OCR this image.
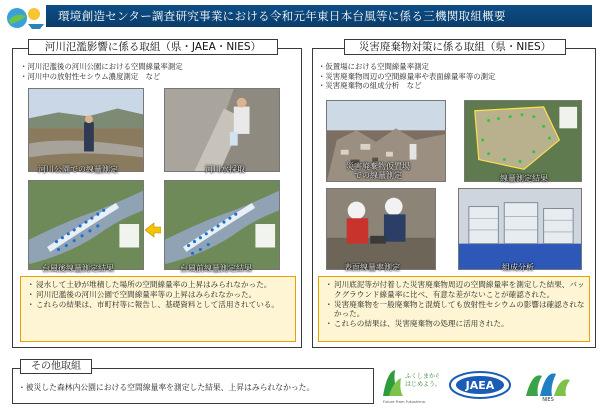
環境創造センター調査研究事業における令和元年東日本台風等に係る三機関取組概要
河川氾濫影響に係る取組（県・JAEA・NIES）
・河川氾濫後の河川公園における空間線量率測定
・河川中の放射性セシウム濃度測定　など
河川公園での線量測定	河川水採取
台風後線量測定結果	台風前線量測定結果
・ 浸水して土砂が堆積した場所の空間線量率の上昇はみられなかった。
・ 河川氾濫後の河川公園で空間線量率等の上昇はみられなかった。
・ これらの結果は、市町村等に報告し、基礎資料として活用されている。
災害廃棄物対策に係る取組（県・NIES）
・仮置場における空間線量率測定
・災害廃棄物周辺の空間線量率や表面線量率等の測定
・災害廃棄物の組成分析　など
災害廃棄物仮置場
での線量測定	線量測定結果
表面線量率測定	組成分析
・ 河川底泥等が付着した災害廃棄物周辺の空間線量率を測定した結果、バックグラウンド線量率に比べ、有意な差がないことが確認された。
・ 災害廃棄物を一般廃棄物と混焼しても放射性セシウムの影響は確認されなかった。
・ これらの結果は、災害廃棄物の処理に活用された。
その他取組
・被災した森林内公園における空間線量率を測定した結果、上昇はみられなかった。
ふくしまから
はじめよう。
Future From Fukushima.
JAEA
NIES
